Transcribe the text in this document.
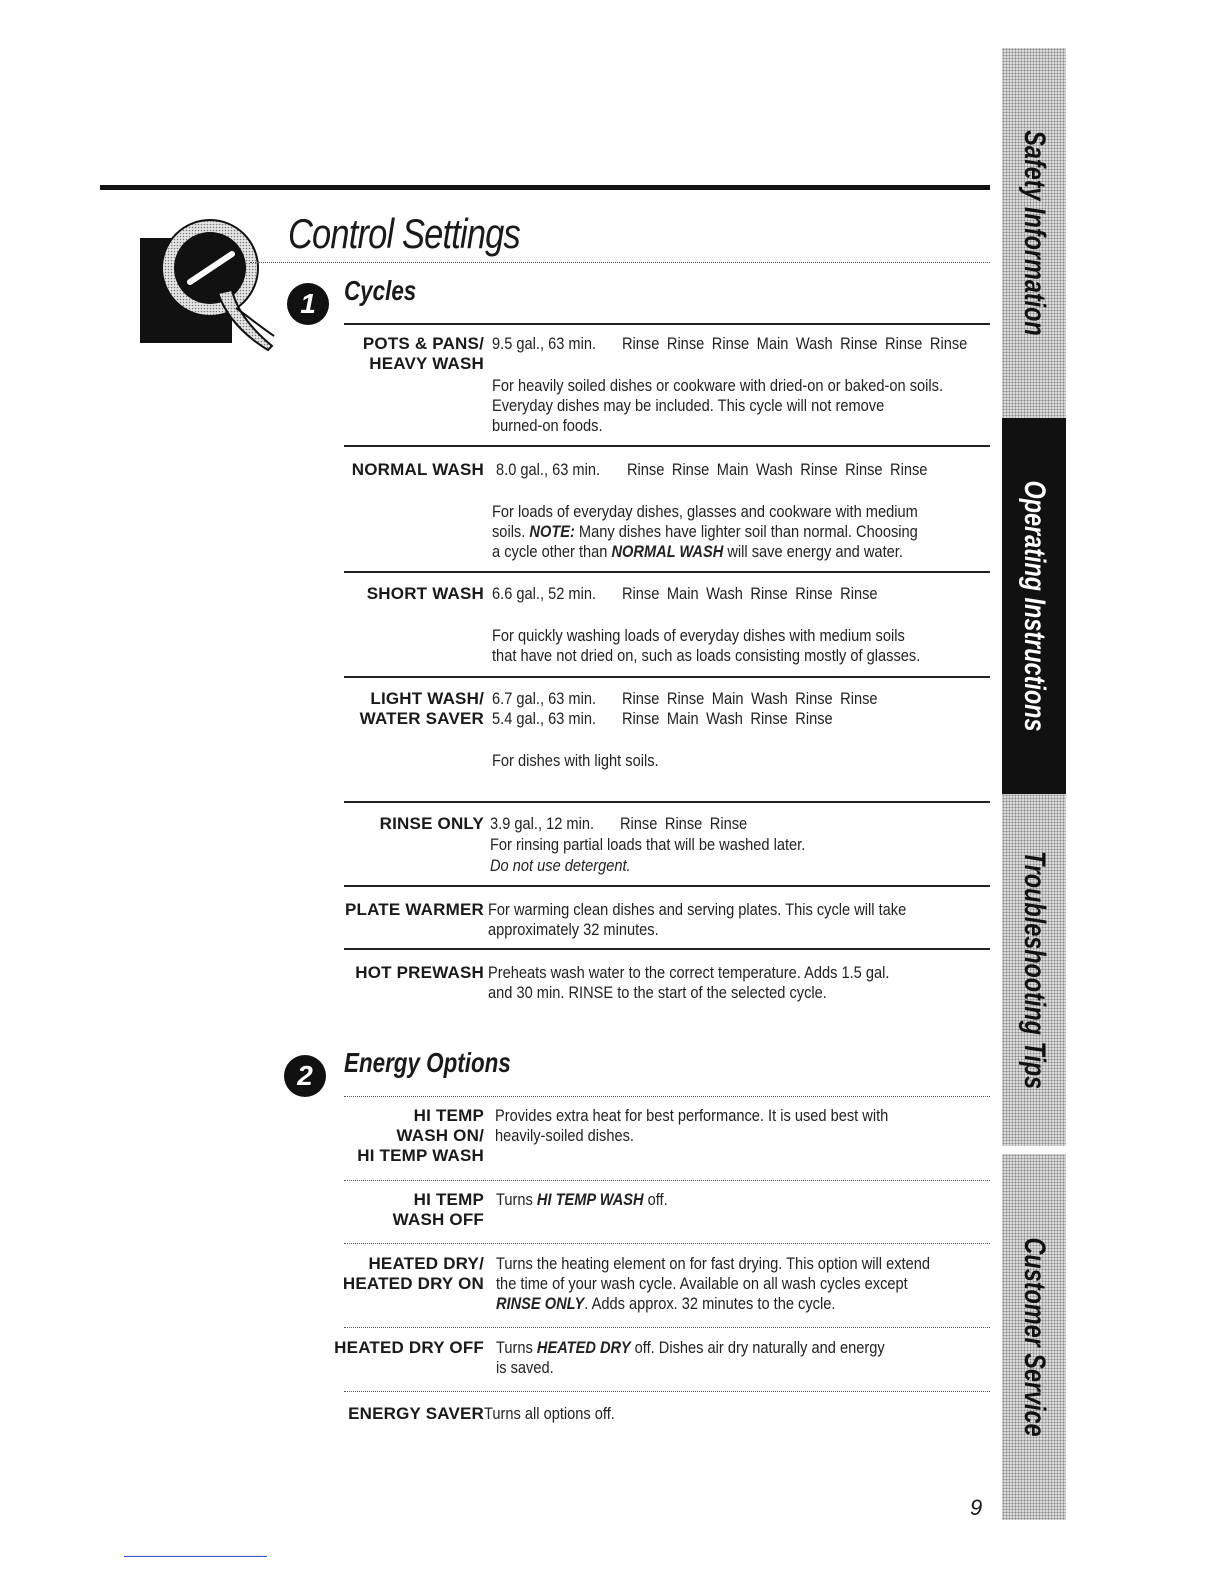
Control Settings
1	Cycles
POTS & PANS/
HEAVY WASH
9.5 gal., 63 min. Rinse Rinse Rinse Main Wash Rinse Rinse Rinse
For heavily soiled dishes or cookware with dried-on or baked-on soils.
Everyday dishes may be included. This cycle will not remove
burned-on foods.
NORMAL WASH 8.0 gal., 63 min. Rinse Rinse Main Wash Rinse Rinse Rinse
For loads of everyday dishes, glasses and cookware with medium
soils. NOTE: Many dishes have lighter soil than normal. Choosing
a cycle other than NORMAL WASH will save energy and water.
SHORT WASH 6.6 gal., 52 min. Rinse Main Wash Rinse Rinse Rinse
For quickly washing loads of everyday dishes with medium soils
that have not dried on, such as loads consisting mostly of glasses.
LIGHT WASH/
WATER SAVER
6.7 gal., 63 min. Rinse Rinse Main Wash Rinse Rinse
5.4 gal., 63 min. Rinse Main Wash Rinse Rinse
For dishes with light soils.
RINSE ONLY 3.9 gal., 12 min. Rinse Rinse Rinse
For rinsing partial loads that will be washed later.
Do not use detergent.
PLATE WARMER For warming clean dishes and serving plates. This cycle will take
approximately 32 minutes.
HOT PREWASH Preheats wash water to the correct temperature. Adds 1.5 gal.
and 30 min. RINSE to the start of the selected cycle.
2	Energy Options
HI TEMP
WASH ON/
HI TEMP WASH
Provides extra heat for best performance. It is used best with
heavily-soiled dishes.
HI TEMP
WASH OFF
Turns HI TEMP WASH off.
HEATED DRY/
HEATED DRY ON
Turns the heating element on for fast drying. This option will extend
the time of your wash cycle. Available on all wash cycles except
RINSE ONLY. Adds approx. 32 minutes to the cycle.
HEATED DRY OFF Turns HEATED DRY off. Dishes air dry naturally and energy
is saved.
ENERGY SAVER Turns all options off.
Safety Information
Operating Instructions
Troubleshooting Tips
Customer Service
9
